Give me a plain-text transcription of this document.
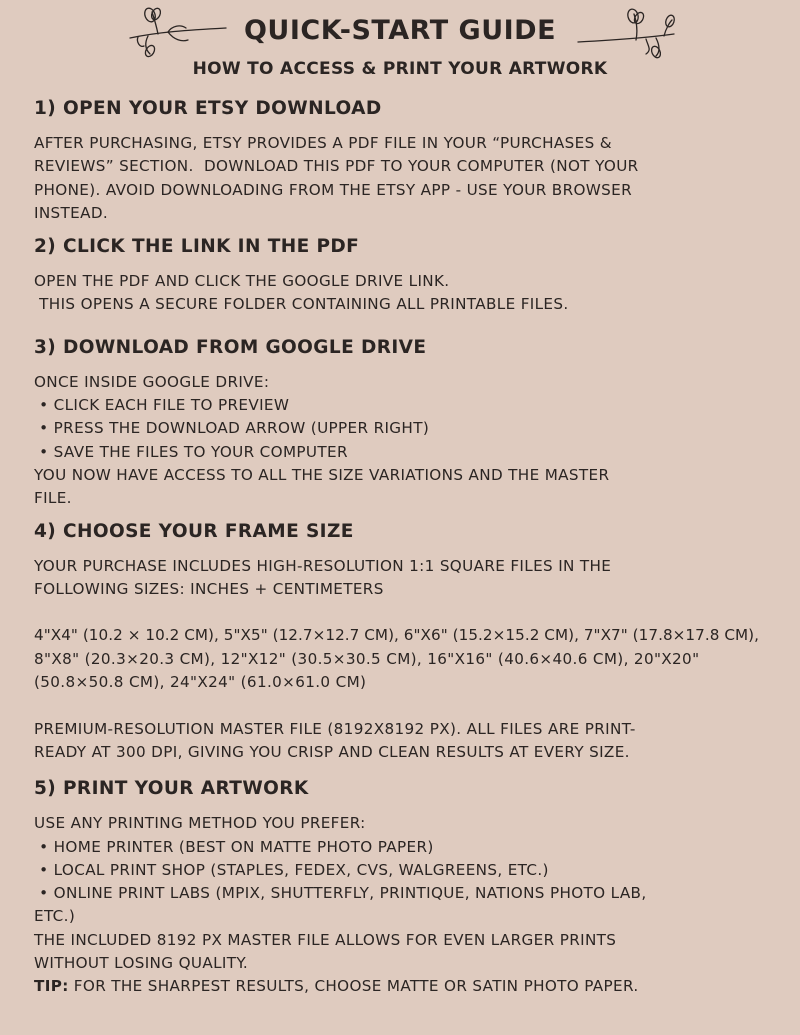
QUICK-START GUIDE
HOW TO ACCESS & PRINT YOUR ARTWORK
1) OPEN YOUR ETSY DOWNLOAD
AFTER PURCHASING, ETSY PROVIDES A PDF FILE IN YOUR “PURCHASES &
REVIEWS” SECTION.  DOWNLOAD THIS PDF TO YOUR COMPUTER (NOT YOUR
PHONE). AVOID DOWNLOADING FROM THE ETSY APP - USE YOUR BROWSER
INSTEAD.
2) CLICK THE LINK IN THE PDF
OPEN THE PDF AND CLICK THE GOOGLE DRIVE LINK.
THIS OPENS A SECURE FOLDER CONTAINING ALL PRINTABLE FILES.
3) DOWNLOAD FROM GOOGLE DRIVE
ONCE INSIDE GOOGLE DRIVE:
• CLICK EACH FILE TO PREVIEW
• PRESS THE DOWNLOAD ARROW (UPPER RIGHT)
• SAVE THE FILES TO YOUR COMPUTER
YOU NOW HAVE ACCESS TO ALL THE SIZE VARIATIONS AND THE MASTER
FILE.
4) CHOOSE YOUR FRAME SIZE
YOUR PURCHASE INCLUDES HIGH-RESOLUTION 1:1 SQUARE FILES IN THE
FOLLOWING SIZES: INCHES + CENTIMETERS
4"X4" (10.2 × 10.2 CM), 5"X5" (12.7×12.7 CM), 6"X6" (15.2×15.2 CM), 7"X7" (17.8×17.8 CM),
8"X8" (20.3×20.3 CM), 12"X12" (30.5×30.5 CM), 16"X16" (40.6×40.6 CM), 20"X20"
(50.8×50.8 CM), 24"X24" (61.0×61.0 CM)
PREMIUM-RESOLUTION MASTER FILE (8192X8192 PX). ALL FILES ARE PRINT-
READY AT 300 DPI, GIVING YOU CRISP AND CLEAN RESULTS AT EVERY SIZE.
5) PRINT YOUR ARTWORK
USE ANY PRINTING METHOD YOU PREFER:
• HOME PRINTER (BEST ON MATTE PHOTO PAPER)
• LOCAL PRINT SHOP (STAPLES, FEDEX, CVS, WALGREENS, ETC.)
• ONLINE PRINT LABS (MPIX, SHUTTERFLY, PRINTIQUE, NATIONS PHOTO LAB,
ETC.)
THE INCLUDED 8192 PX MASTER FILE ALLOWS FOR EVEN LARGER PRINTS
WITHOUT LOSING QUALITY.
TIP: FOR THE SHARPEST RESULTS, CHOOSE MATTE OR SATIN PHOTO PAPER.
